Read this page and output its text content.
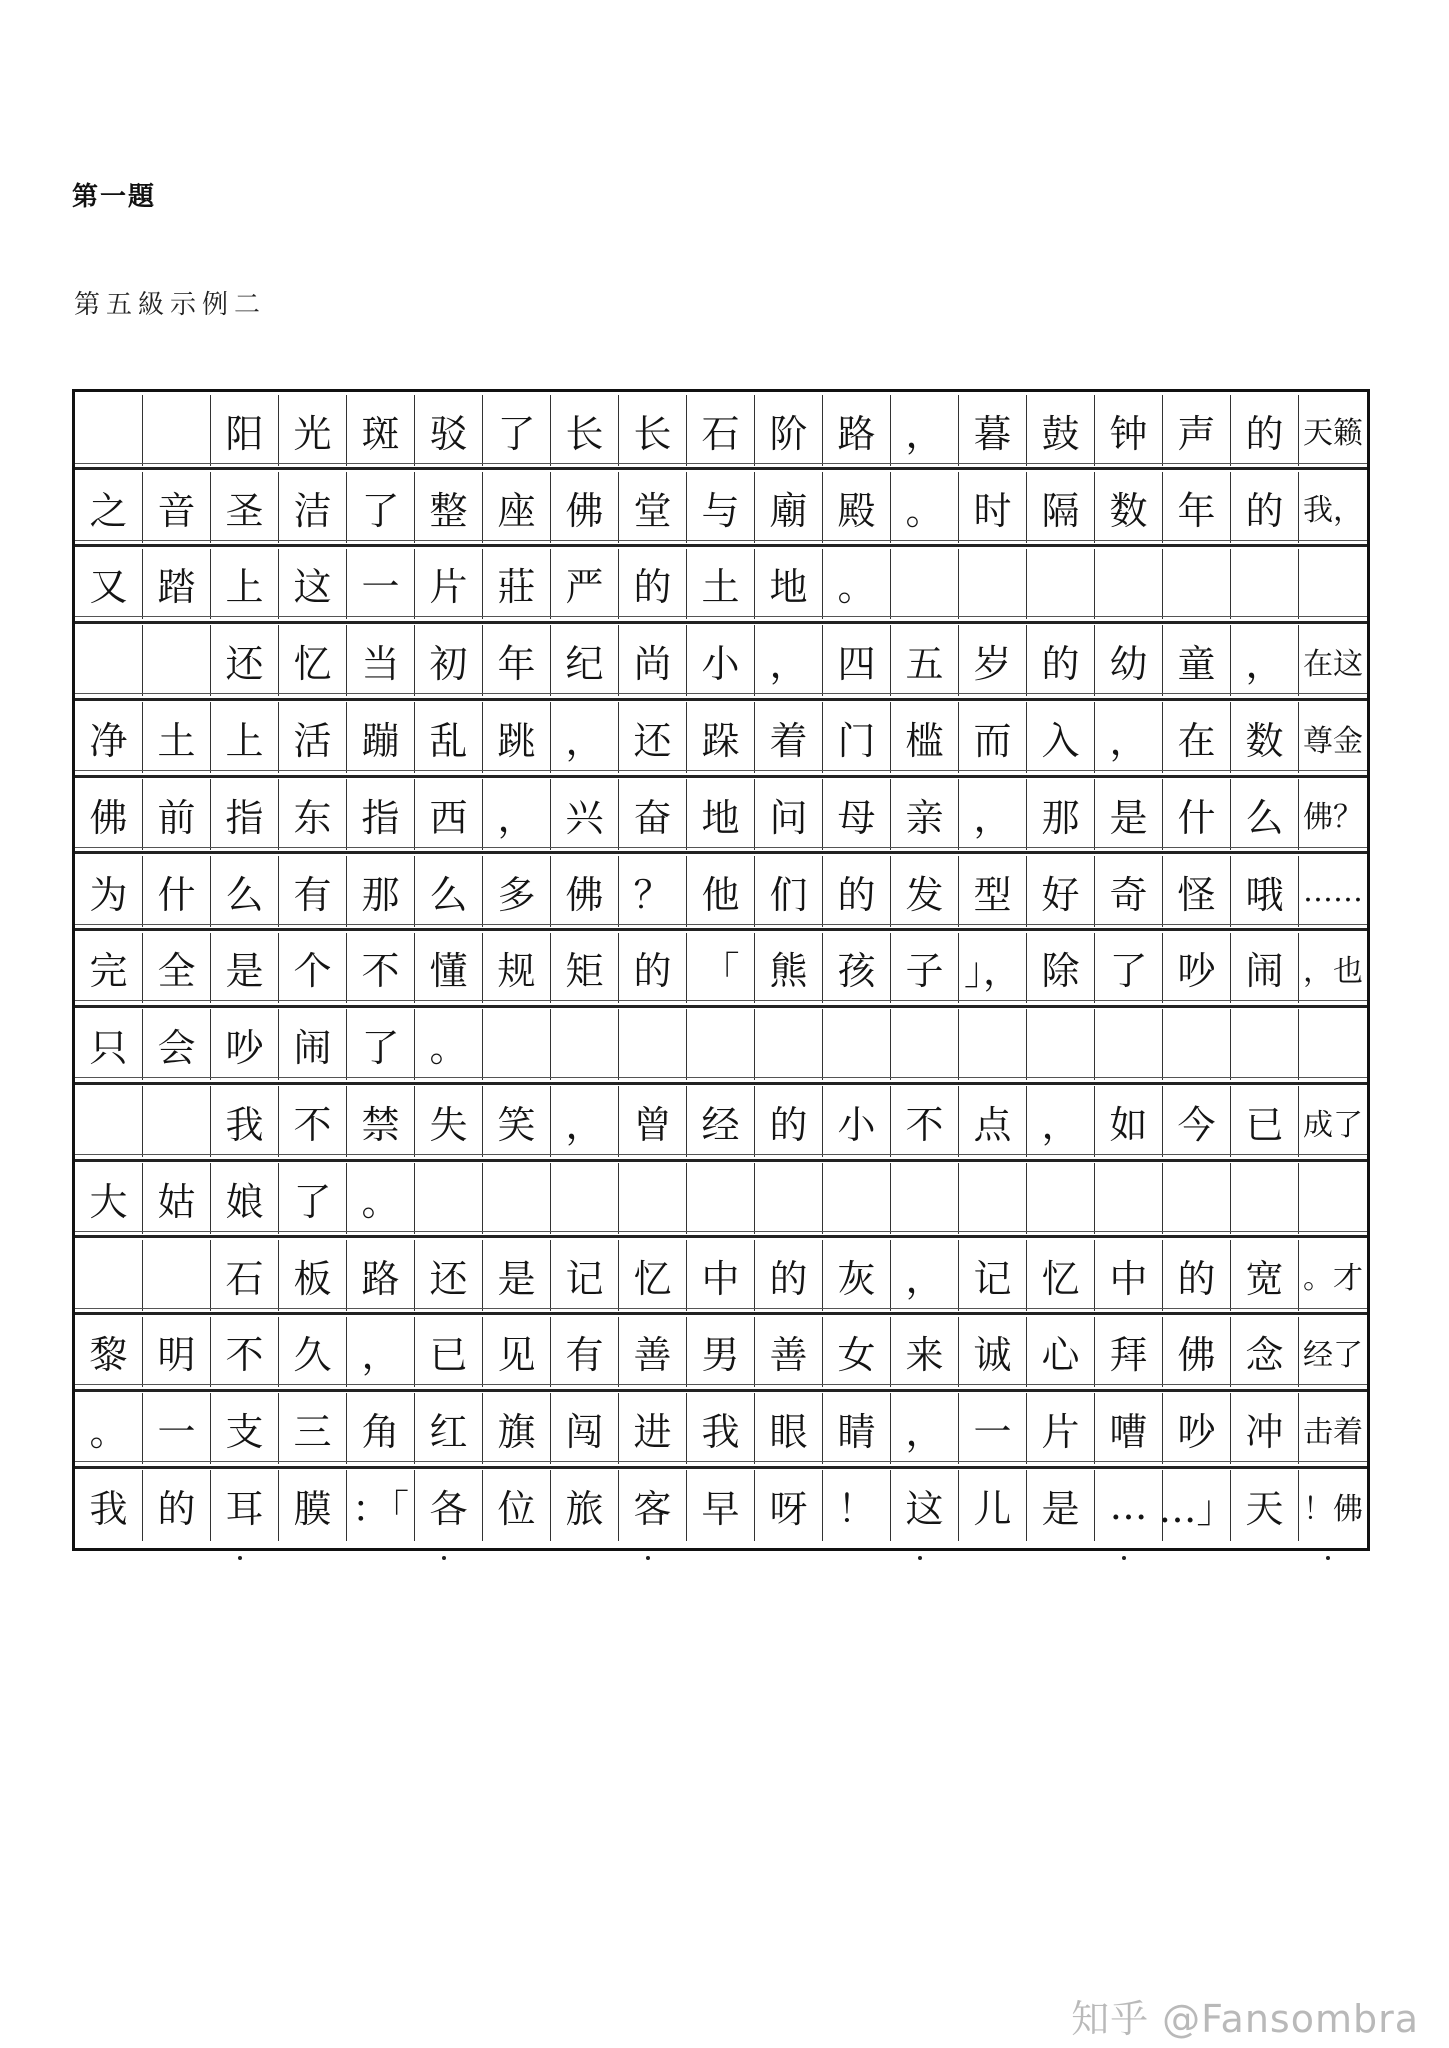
第一題
第五級示例二
阳 光 斑 驳 了 长 长 石 阶 路 ， 暮 鼓 钟 声 的 天籁
之 音 圣 洁 了 整 座 佛 堂 与 廟 殿 。 时 隔 数 年 的 我，
又 踏 上 这 一 片 莊 严 的 土 地 。
还 忆 当 初 年 纪 尚 小 ， 四 五 岁 的 幼 童 ， 在这
净 土 上 活 蹦 乱 跳 ， 还 跺 着 门 槛 而 入 ， 在 数 尊金
佛 前 指 东 指 西 ， 兴 奋 地 问 母 亲 ， 那 是 什 么 佛？
为 什 么 有 那 么 多 佛 ？ 他 们 的 发 型 好 奇 怪 哦 ……
完 全 是 个 不 懂 规 矩 的 「 熊 孩 子 」， 除 了 吵 闹 ，也
只 会 吵 闹 了 。
我 不 禁 失 笑 ， 曾 经 的 小 不 点 ， 如 今 已 成了
大 姑 娘 了 。
石 板 路 还 是 记 忆 中 的 灰 ， 记 忆 中 的 宽 。才
黎 明 不 久 ， 已 见 有 善 男 善 女 来 诚 心 拜 佛 念 经了
。 一 支 三 角 红 旗 闯 进 我 眼 睛 ， 一 片 嘈 吵 冲 击着
我 的 耳 膜 ：「 各 位 旅 客 早 呀 ！ 这 儿 是 … …」 天 ！佛
知乎 @Fansombra
